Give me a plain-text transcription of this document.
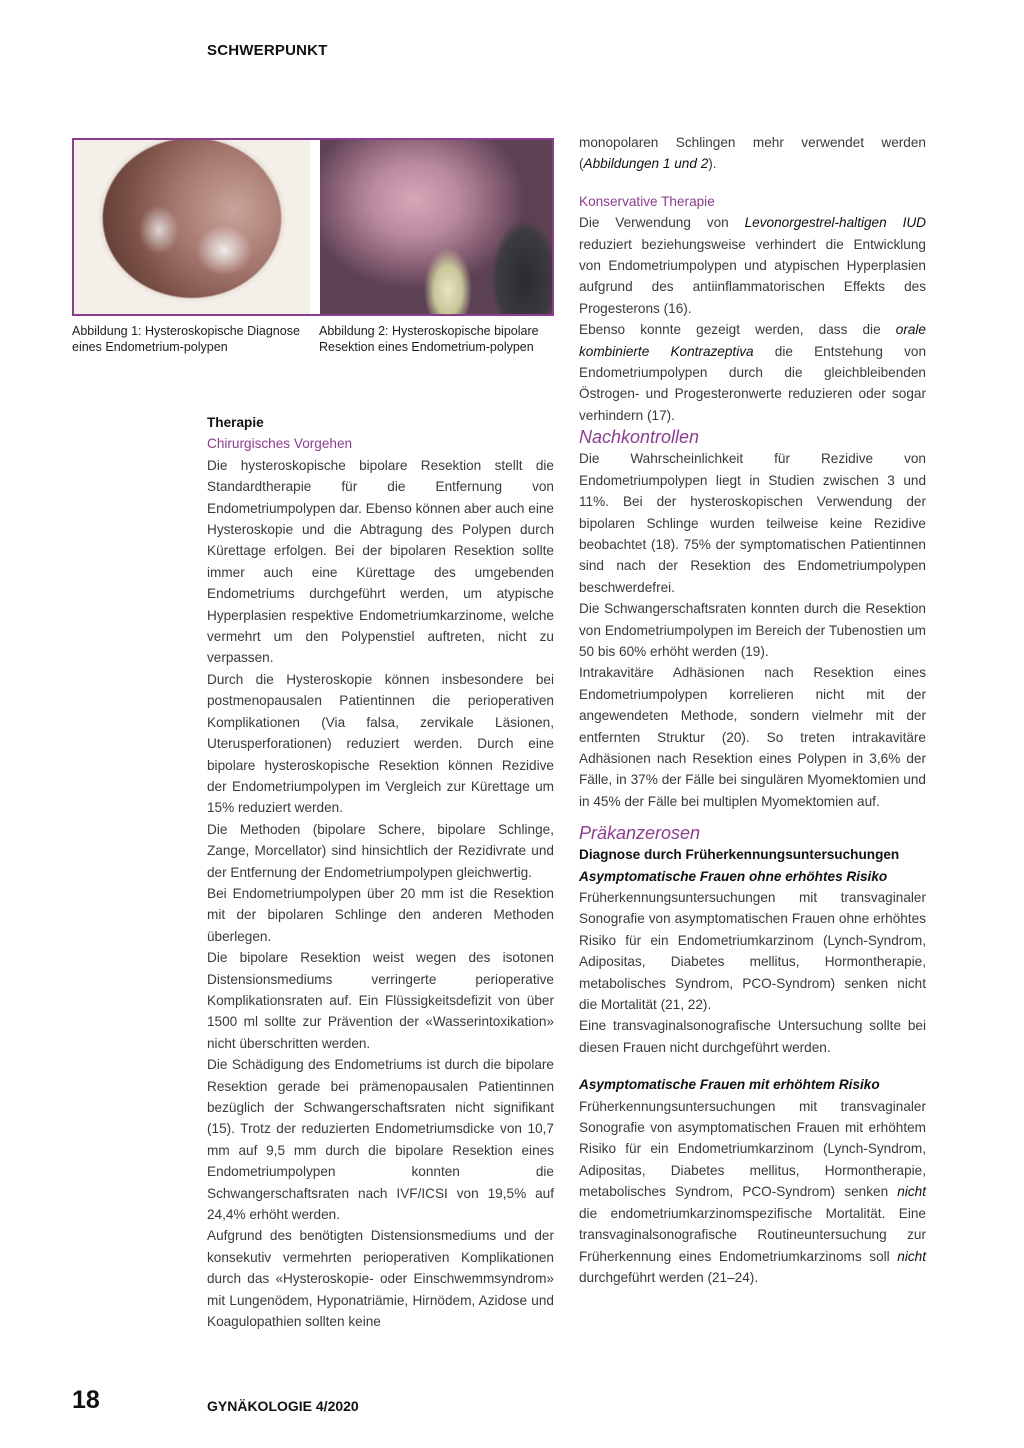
SCHWERPUNKT
Abbildung 1: Hysteroskopische Diagnose eines Endometrium-polypen
Abbildung 2: Hysteroskopische bipolare Resektion eines Endometrium-polypen

Therapie

Chirurgisches Vorgehen

Die hysteroskopische bipolare Resektion stellt die Standardtherapie für die Entfernung von Endometriumpolypen dar. Ebenso können aber auch eine Hysteroskopie und die Abtragung des Polypen durch Kürettage erfolgen. Bei der bipolaren Resektion sollte immer auch eine Kürettage des umgebenden Endometriums durchgeführt werden, um atypische Hyperplasien respektive Endometriumkarzinome, welche vermehrt um den Polypenstiel auftreten, nicht zu verpassen.

Durch die Hysteroskopie können insbesondere bei postmenopausalen Patientinnen die perioperativen Komplikationen (Via falsa, zervikale Läsionen, Uterusperforationen) reduziert werden. Durch eine bipolare hysteroskopische Resektion können Rezidive der Endometriumpolypen im Vergleich zur Kürettage um 15% reduziert werden.

Die Methoden (bipolare Schere, bipolare Schlinge, Zange, Morcellator) sind hinsichtlich der Rezidivrate und der Entfernung der Endometriumpolypen gleichwertig.

Bei Endometriumpolypen über 20 mm ist die Resektion mit der bipolaren Schlinge den anderen Methoden überlegen.

Die bipolare Resektion weist wegen des isotonen Distensionsmediums verringerte perioperative Komplikationsraten auf. Ein Flüssigkeitsdefizit von über 1500 ml sollte zur Prävention der «Wasserintoxikation» nicht überschritten werden.

Die Schädigung des Endometriums ist durch die bipolare Resektion gerade bei prämenopausalen Patientinnen bezüglich der Schwangerschaftsraten nicht signifikant (15). Trotz der reduzierten Endometriumsdicke von 10,7 mm auf 9,5 mm durch die bipolare Resektion eines Endometriumpolypen konnten die Schwangerschaftsraten nach IVF/ICSI von 19,5% auf 24,4% erhöht werden.

Aufgrund des benötigten Distensionsmediums und der konsekutiv vermehrten perioperativen Komplikationen durch das «Hysteroskopie- oder Einschwemmsyndrom» mit Lungenödem, Hyponatriämie, Hirnödem, Azidose und Koagulopathien sollten keine

monopolaren Schlingen mehr verwendet werden (Abbildungen 1 und 2).

Konservative Therapie

Die Verwendung von Levonorgestrel-haltigen IUD reduziert beziehungsweise verhindert die Entwicklung von Endometriumpolypen und atypischen Hyperplasien aufgrund des antiinflammatorischen Effekts des Progesterons (16).

Ebenso konnte gezeigt werden, dass die orale kombinierte Kontrazeptiva die Entstehung von Endometriumpolypen durch die gleichbleibenden Östrogen- und Progesteronwerte reduzieren oder sogar verhindern (17).

Nachkontrollen

Die Wahrscheinlichkeit für Rezidive von Endometriumpolypen liegt in Studien zwischen 3 und 11%. Bei der hysteroskopischen Verwendung der bipolaren Schlinge wurden teilweise keine Rezidive beobachtet (18). 75% der symptomatischen Patientinnen sind nach der Resektion des Endometriumpolypen beschwerdefrei.

Die Schwangerschaftsraten konnten durch die Resektion von Endometriumpolypen im Bereich der Tubenostien um 50 bis 60% erhöht werden (19).

Intrakavitäre Adhäsionen nach Resektion eines Endometriumpolypen korrelieren nicht mit der angewendeten Methode, sondern vielmehr mit der entfernten Struktur (20). So treten intrakavitäre Adhäsionen nach Resektion eines Polypen in 3,6% der Fälle, in 37% der Fälle bei singulären Myomektomien und in 45% der Fälle bei multiplen Myomektomien auf.

Präkanzerosen

Diagnose durch Früherkennungsuntersuchungen

Asymptomatische Frauen ohne erhöhtes Risiko

Früherkennungsuntersuchungen mit transvaginaler Sonografie von asymptomatischen Frauen ohne erhöhtes Risiko für ein Endometriumkarzinom (Lynch-Syndrom, Adipositas, Diabetes mellitus, Hormontherapie, metabolisches Syndrom, PCO-Syndrom) senken nicht die Mortalität (21, 22).

Eine transvaginalsonografische Untersuchung sollte bei diesen Frauen nicht durchgeführt werden.

Asymptomatische Frauen mit erhöhtem Risiko

Früherkennungsuntersuchungen mit transvaginaler Sonografie von asymptomatischen Frauen mit erhöhtem Risiko für ein Endometriumkarzinom (Lynch-Syndrom, Adipositas, Diabetes mellitus, Hormontherapie, metabolisches Syndrom, PCO-Syndrom) senken nicht die endometriumkarzinomspezifische Mortalität. Eine transvaginalsonografische Routineuntersuchung zur Früherkennung eines Endometriumkarzinoms soll nicht durchgeführt werden (21–24).

18	GYNÄKOLOGIE 4/2020
